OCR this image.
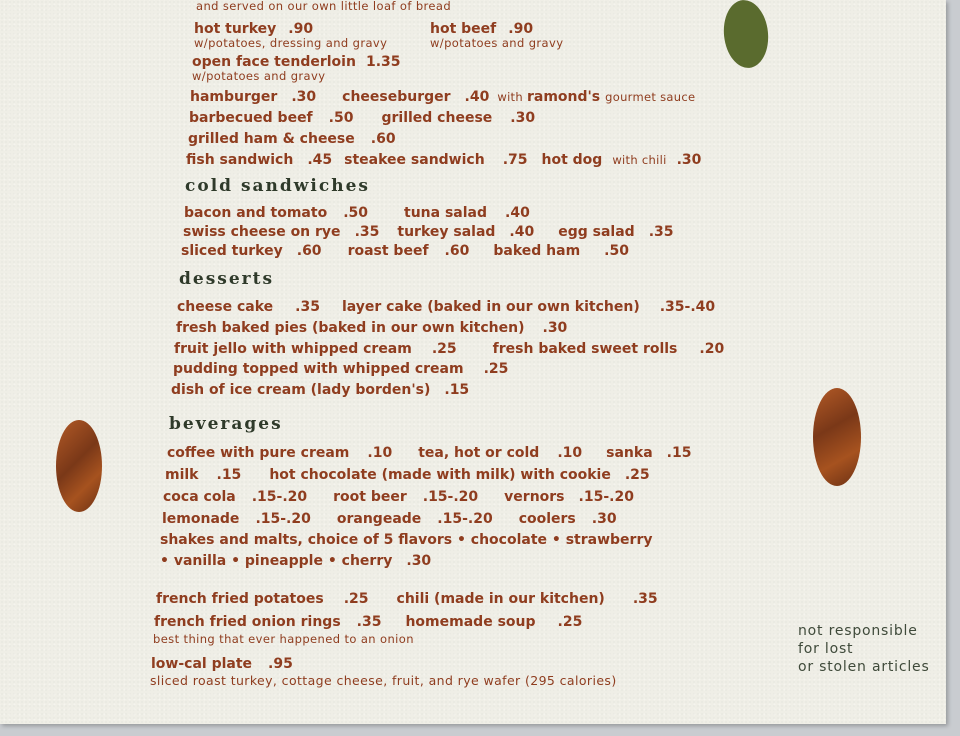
and served on our own little loaf of bread
hot turkey .90
w/potatoes, dressing and gravy
hot beef .90
w/potatoes and gravy
open face tenderloin 1.35
w/potatoes and gravy
hamburger .30 cheeseburger .40 with ramond's gourmet sauce
barbecued beef .50 grilled cheese .30
grilled ham & cheese .60
fish sandwich .45 steakee sandwich .75 hot dog with chili .30
cold sandwiches
bacon and tomato .50	tuna salad .40
swiss cheese on rye .35 turkey salad .40 egg salad .35
sliced turkey .60 roast beef .60 baked ham .50
desserts
cheese cake .35 layer cake (baked in our own kitchen) .35-.40
fresh baked pies (baked in our own kitchen) .30
fruit jello with whipped cream .25	fresh baked sweet rolls .20
pudding topped with whipped cream .25
dish of ice cream (lady borden's) .15
beverages
coffee with pure cream .10 tea, hot or cold .10 sanka .15
milk .15 hot chocolate (made with milk) with cookie .25
coca cola .15-.20 root beer .15-.20 vernors .15-.20
lemonade .15-.20 orangeade .15-.20 coolers .30
shakes and malts, choice of 5 flavors • chocolate • strawberry
• vanilla • pineapple • cherry .30
french fried potatoes .25 chili (made in our kitchen) .35
french fried onion rings .35 homemade soup .25
best thing that ever happened to an onion
low-cal plate .95
sliced roast turkey, cottage cheese, fruit, and rye wafer (295 calories)
not responsible
for lost
or stolen articles
